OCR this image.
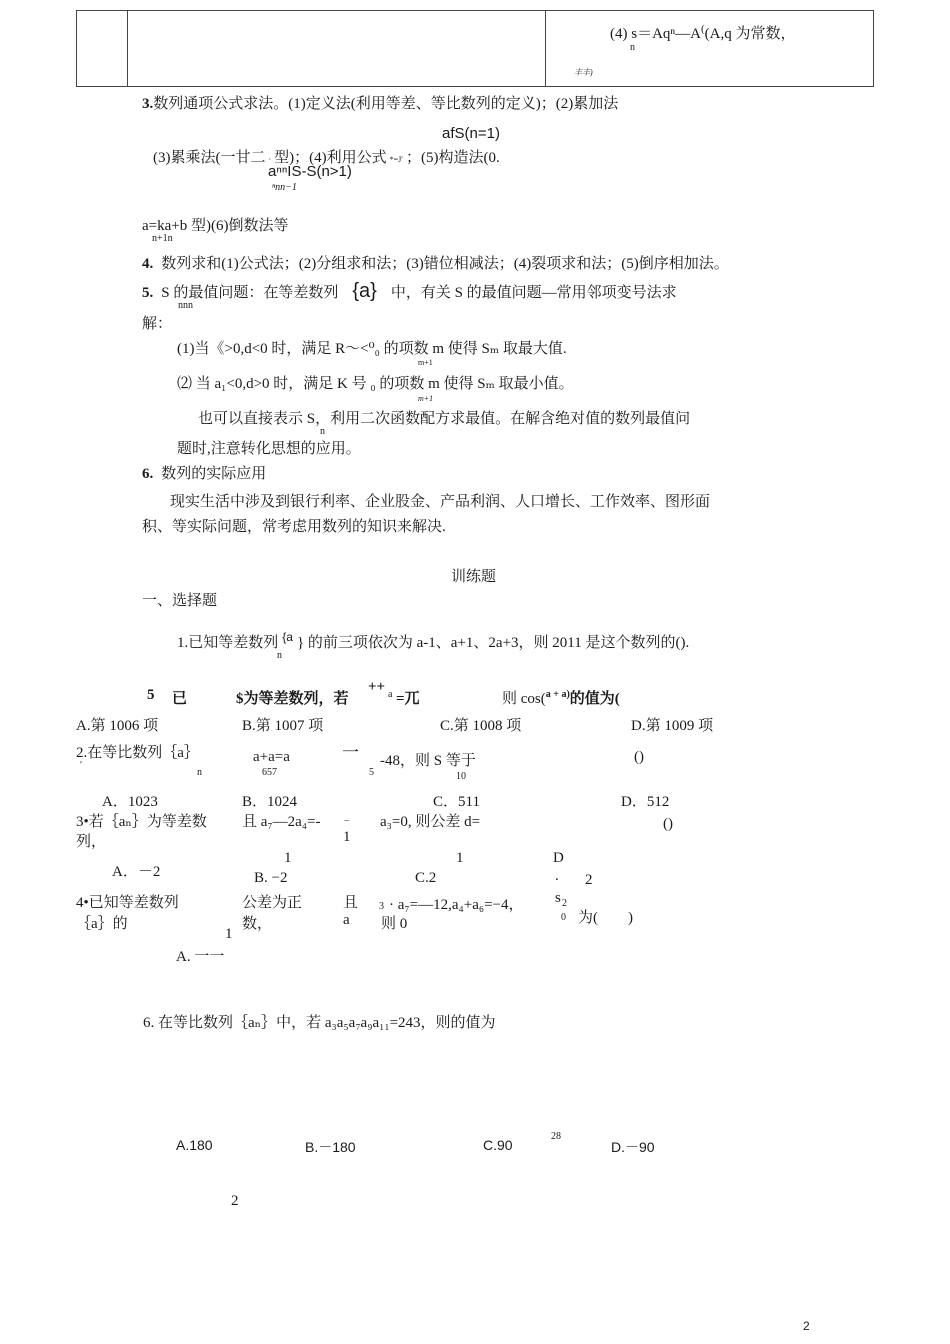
(4) s＝Aqⁿ—A((A,q 为常数，
n
丰丰)
3.数列通项公式求法。(1)定义法(利用等差、等比数列的定义)；(2)累加法
afS(n=1)
(3)累乘法(一甘二 · 型)；(4)利用公式 *=Jʹ ；(5)构造法(0.
aⁿⁿIS-S(n>1)
ⁿnn−1
a=ka+b 型)(6)倒数法等
n+1n
4. 数列求和(1)公式法；(2)分组求和法；(3)错位相减法；(4)裂项求和法；(5)倒序相加法。
5. S 的最值问题：在等差数列 {a} 中，有关 S 的最值问题—常用邻项变号法求
nnn
解：
(1)当《>0,d<0 时，满足 R～<⁰₀ 的项数 m 使得 Sₘ 取最大值.
m+1
⑵ 当 a₁<0,d>0 时，满足 K 号 ₀ 的项数 m 使得 Sₘ 取最小值。
m+1
也可以直接表示 S，利用二次函数配方求最值。在解含绝对值的数列最值问
n
题时,注意转化思想的应用。
6. 数列的实际应用
现实生活中涉及到银行利率、企业股金、产品利润、人口增长、工作效率、图形面
积、等实际问题，常考虑用数列的知识来解决.
训练题
一、选择题
1.已知等差数列 $^{\{a}$ } 的前三项依次为 a-1、a+1、2a+3，则 2011 是这个数列的().
n
5 已	$为等差数列，若
++ a =兀	则 cos($^{a + a)}$的值为(
A.第 1006 项	B.第 1007 项	C.第 1008 项	D.第 1009 项
2.在等比数列｛a｝
ʹ
n
a+a=a
657
一
5
-48，则 S 等于
10
()
A．1023	B．1024	C．511	D．512
3•若｛aₙ｝为等差数
列，
且 a₇—2a₄=- −
1
a₃=0, 则公差 d=	()
A．－2
1
B. −2
1
C.2
D
. 2
4•已知等差数列
｛a｝的
公差为正
数，
且
a
3 · a₇=—12,a₄+a₆=−4，
则 0
s 2
0 为(　　)
1
A. 一一
6. 在等比数列｛aₙ｝中，若 a₃a₅a₇a₉a₁₁=243，则的值为
28
A.180	B.－180	C.90	D.－90
2
2
